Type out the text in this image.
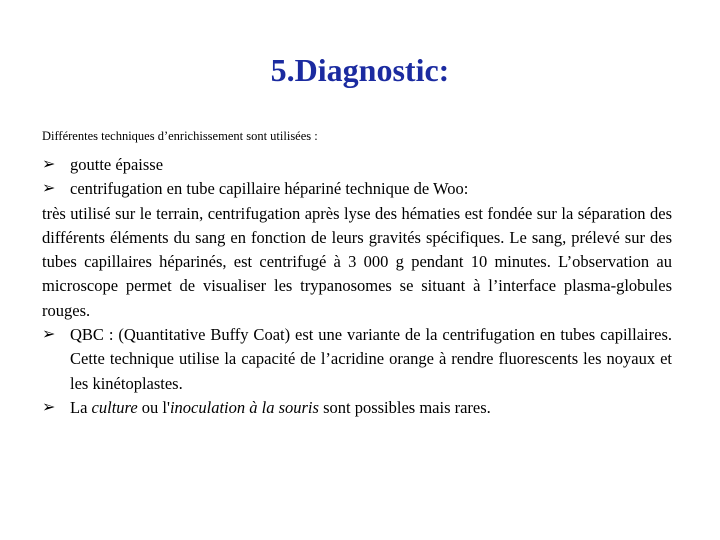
5.Diagnostic:
Différentes techniques d’enrichissement sont utilisées :
➢ goutte épaisse
➢ centrifugation en tube capillaire hépariné technique de Woo:
très utilisé sur le terrain, centrifugation après lyse des hématies est fondée sur la séparation des différents éléments du sang en fonction de leurs gravités spécifiques. Le sang, prélevé sur des tubes capillaires héparinés, est centrifugé à 3 000 g pendant 10 minutes. L’observation au microscope permet de visualiser les trypanosomes se situant à l’interface plasma-globules rouges.
➢ QBC : (Quantitative Buffy Coat) est une variante de la centrifugation en tubes capillaires. Cette technique utilise la capacité de l’acridine orange à rendre fluorescents les noyaux et les kinétoplastes.
➢ La culture ou l'inoculation à la souris sont possibles mais rares.
